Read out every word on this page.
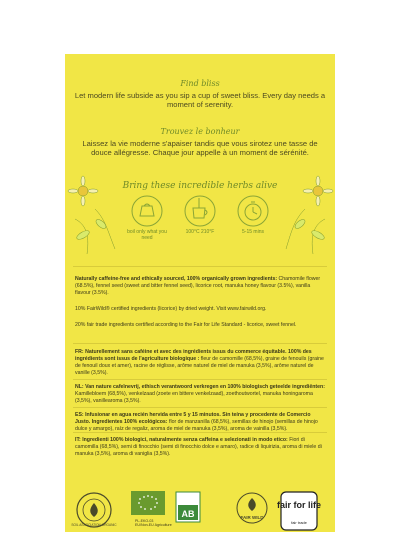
Find bliss
Let modern life subside as you sip a cup of sweet bliss. Every day needs a moment of serenity.
Trouvez le bonheur
Laissez la vie moderne s'apaiser tandis que vous sirotez une tasse de douce allégresse. Chaque jour appelle à un moment de sérénité.
Bring these incredible herbs alive
boil only what you need
100°C 210°F	5-15 mins
Naturally caffeine-free and ethically sourced, 100% organically grown ingredients: Chamomile flower (68.5%), fennel seed (sweet and bitter fennel seed), licorice root, manuka honey flavour (3.5%), vanilla flavour (3.5%).
10% FairWild® certified ingredients (licorice) by dried weight. Visit www.fairwild.org.
20% fair trade ingredients certified according to the Fair for Life Standard - licorice, sweet fennel.
FR: Naturellement sans caféine et avec des ingrédients issus du commerce équitable. 100% des ingrédients sont issus de l'agriculture biologique : fleur de camomille (68,5%), graine de fenouils (graine de fenouil doux et amer), racine de réglisse, arôme naturel de miel de manuka (3,5%), arôme naturel de vanille (3,5%).
NL: Van nature cafeïnevrij, ethisch verantwoord verkregen en 100% biologisch geteelde ingrediënten: Kamillebloem (68,5%), venkelzaad (zoete en bittere venkelzaad), zoethoutwortel, manuka honingaroma (3,5%), vanillearoma (3,5%).
ES: Infusionar en agua recién hervida entre 5 y 15 minutos. Sin teína y procedente de Comercio Justo. Ingredientes 100% ecológicos: flor de manzanilla (68,5%), semillas de hinojo (semillas de hinojo dulce y amargo), raíz de regaliz, aroma de miel de manuka (3,5%), aroma de vainilla (3,5%).
IT: Ingredienti 100% biologici, naturalmente senza caffeina e selezionati in modo etico: Fiori di camomilla (68,5%), semi di finocchio (semi di finocchio dolce e amaro), radice di liquirizia, aroma di miele di manuka (3,5%), aroma di vaniglia (3,5%).
SOIL ASSOCIATION ORGANIC
PL-EKO-03
EU/Non-EU Agriculture
AB	FAIR WILD
fair for life
fair trade
